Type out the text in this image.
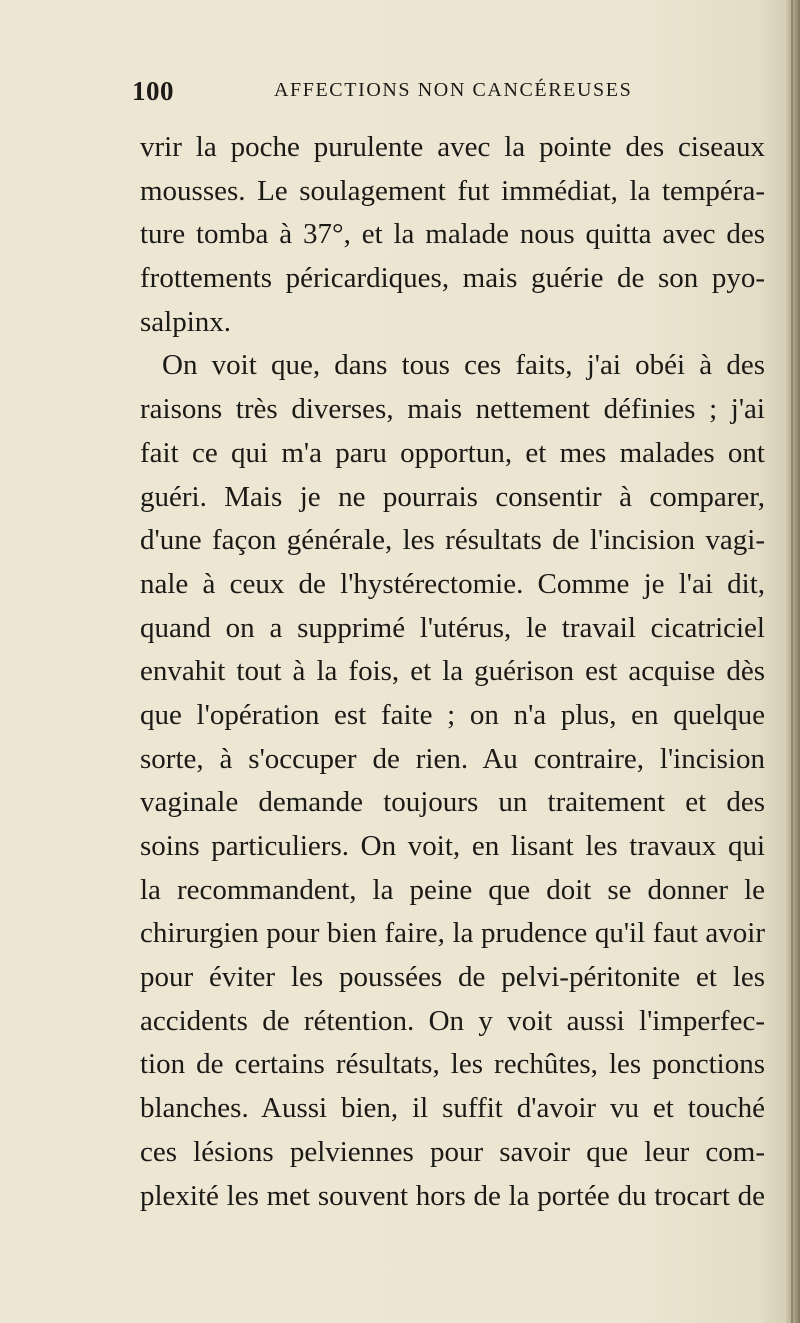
100	AFFECTIONS NON CANCÉREUSES
vrir la poche purulente avec la pointe des ciseaux
mousses. Le soulagement fut immédiat, la tempéra-
ture tomba à 37°, et la malade nous quitta avec des
frottements péricardiques, mais guérie de son pyo-
salpinx.
On voit que, dans tous ces faits, j'ai obéi à des
raisons très diverses, mais nettement définies ; j'ai
fait ce qui m'a paru opportun, et mes malades ont
guéri. Mais je ne pourrais consentir à comparer,
d'une façon générale, les résultats de l'incision vagi-
nale à ceux de l'hystérectomie. Comme je l'ai dit,
quand on a supprimé l'utérus, le travail cicatriciel
envahit tout à la fois, et la guérison est acquise dès
que l'opération est faite ; on n'a plus, en quelque
sorte, à s'occuper de rien. Au contraire, l'incision
vaginale demande toujours un traitement et des
soins particuliers. On voit, en lisant les travaux qui
la recommandent, la peine que doit se donner le
chirurgien pour bien faire, la prudence qu'il faut avoir
pour éviter les poussées de pelvi-péritonite et les
accidents de rétention. On y voit aussi l'imperfec-
tion de certains résultats, les rechûtes, les ponctions
blanches. Aussi bien, il suffit d'avoir vu et touché
ces lésions pelviennes pour savoir que leur com-
plexité les met souvent hors de la portée du trocart de
